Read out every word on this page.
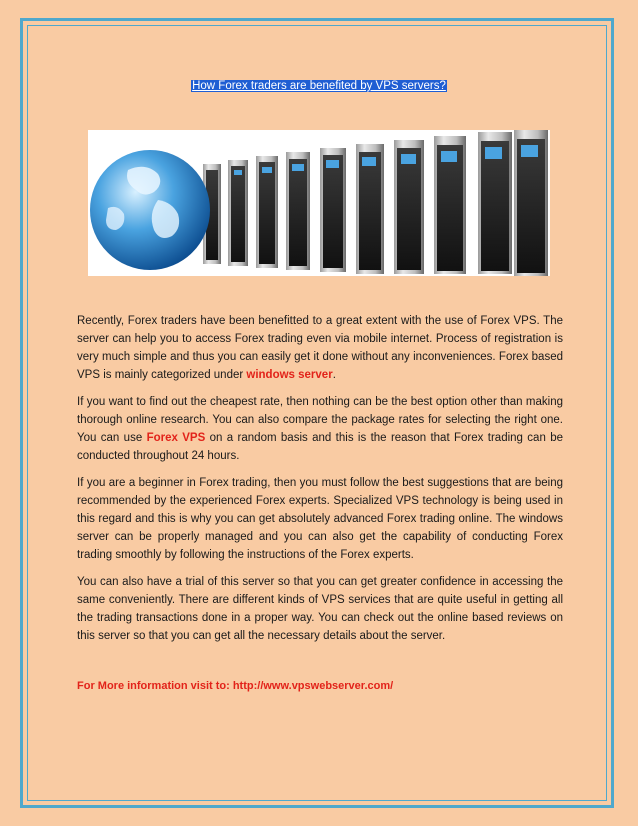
How Forex traders are benefited by VPS servers?

Recently, Forex traders have been benefitted to a great extent with the use of Forex VPS. The server can help you to access Forex trading even via mobile internet. Process of registration is very much simple and thus you can easily get it done without any inconveniences. Forex based VPS is mainly categorized under windows server.

If you want to find out the cheapest rate, then nothing can be the best option other than making thorough online research. You can also compare the package rates for selecting the right one. You can use Forex VPS on a random basis and this is the reason that Forex trading can be conducted throughout 24 hours.

If you are a beginner in Forex trading, then you must follow the best suggestions that are being recommended by the experienced Forex experts. Specialized VPS technology is being used in this regard and this is why you can get absolutely advanced Forex trading online. The windows server can be properly managed and you can also get the capability of conducting Forex trading smoothly by following the instructions of the Forex experts.

You can also have a trial of this server so that you can get greater confidence in accessing the same conveniently. There are different kinds of VPS services that are quite useful in getting all the trading transactions done in a proper way. You can check out the online based reviews on this server so that you can get all the necessary details about the server.

For More information visit to: http://www.vpswebserver.com/
